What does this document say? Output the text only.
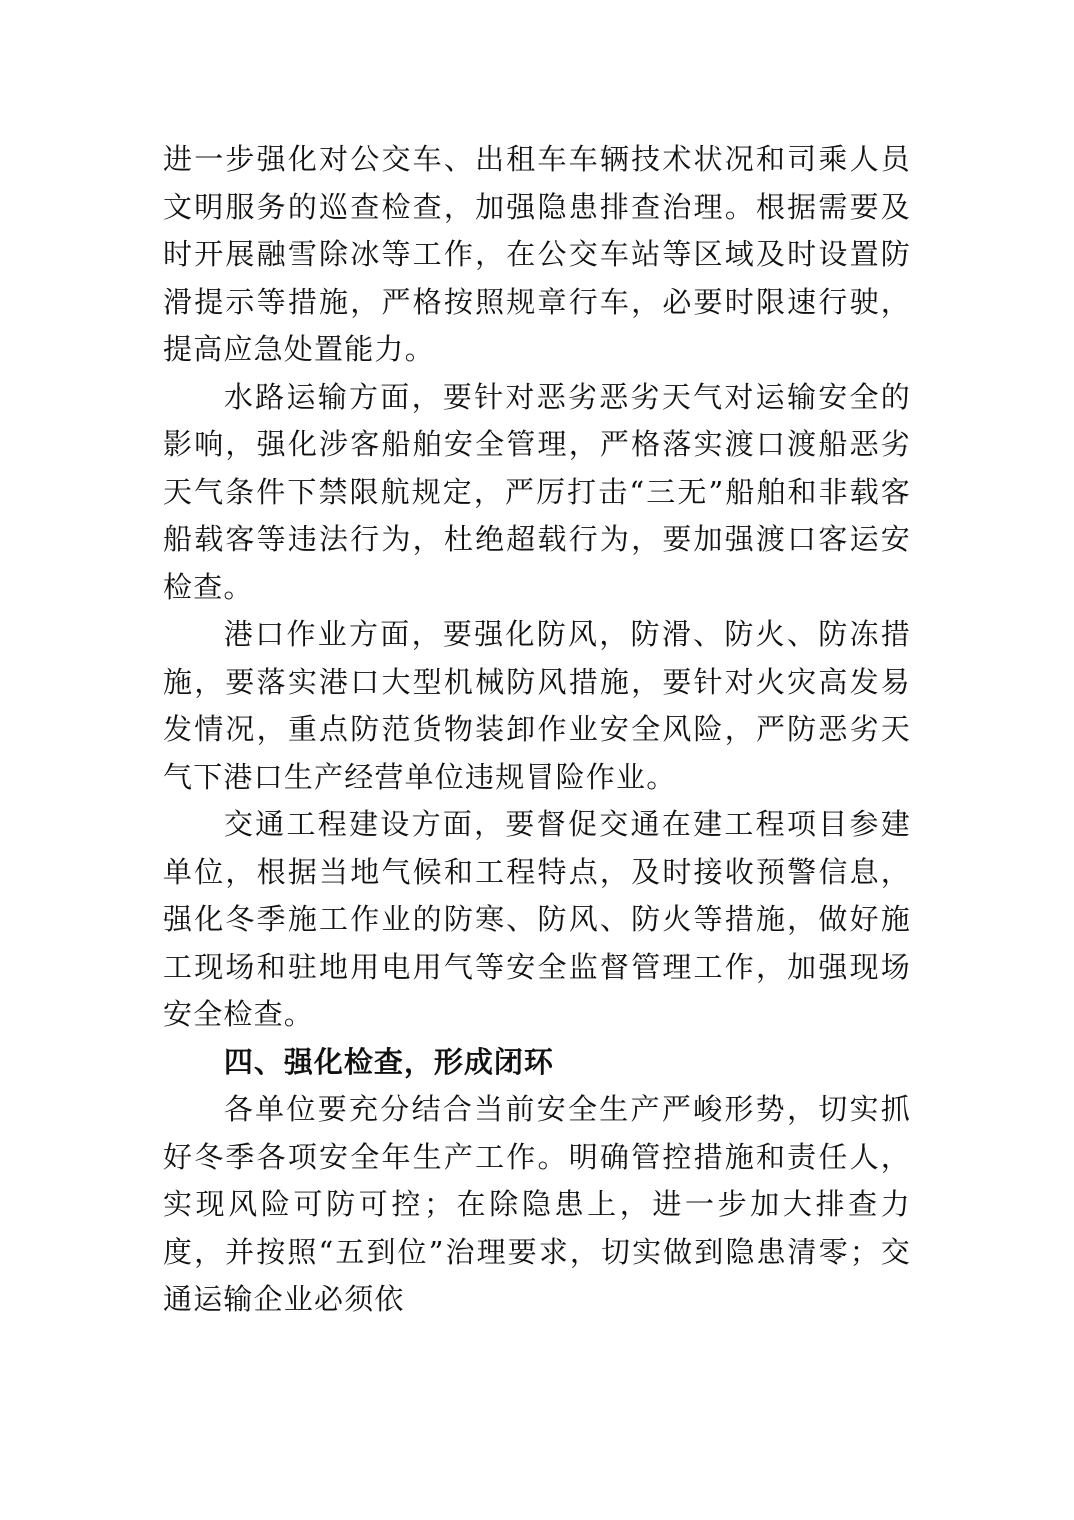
进一步强化对公交车、出租车车辆技术状况和司乘人员文明服务的巡查检查，加强隐患排查治理。根据需要及时开展融雪除冰等工作，在公交车站等区域及时设置防滑提示等措施，严格按照规章行车，必要时限速行驶，提高应急处置能力。

水路运输方面，要针对恶劣恶劣天气对运输安全的影响，强化涉客船舶安全管理，严格落实渡口渡船恶劣天气条件下禁限航规定，严厉打击“三无”船舶和非载客船载客等违法行为，杜绝超载行为，要加强渡口客运安检查。

港口作业方面，要强化防风，防滑、防火、防冻措施，要落实港口大型机械防风措施，要针对火灾高发易发情况，重点防范货物装卸作业安全风险，严防恶劣天气下港口生产经营单位违规冒险作业。

交通工程建设方面，要督促交通在建工程项目参建单位，根据当地气候和工程特点，及时接收预警信息，强化冬季施工作业的防寒、防风、防火等措施，做好施工现场和驻地用电用气等安全监督管理工作，加强现场安全检查。

四、强化检查，形成闭环

各单位要充分结合当前安全生产严峻形势，切实抓好冬季各项安全年生产工作。明确管控措施和责任人，实现风险可防可控；在除隐患上，进一步加大排查力度，并按照“五到位”治理要求，切实做到隐患清零；交通运输企业必须依
